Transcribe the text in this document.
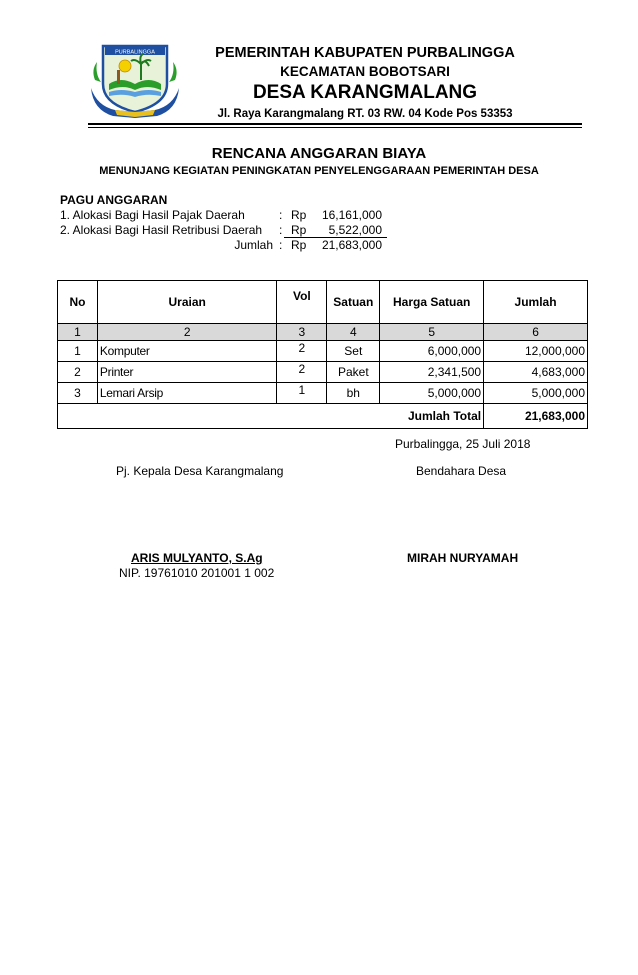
PURBALINGGA	PEMERINTAH KABUPATEN PURBALINGGA
KECAMATAN BOBOTSARI
DESA KARANGMALANG
Jl. Raya Karangmalang RT. 03 RW. 04 Kode Pos 53353
RENCANA ANGGARAN BIAYA
MENUNJANG KEGIATAN PENINGKATAN PENYELENGGARAAN PEMERINTAH DESA
PAGU ANGGARAN
1. Alokasi Bagi Hasil Pajak Daerah	: Rp	16,161,000
2. Alokasi Bagi Hasil Retribusi Daerah : Rp	5,522,000
Jumlah : Rp	21,683,000
No	Uraian	Vol	Satuan	Harga Satuan	Jumlah
1	2	3	4	5	6
1	Komputer	2	Set	6,000,000	12,000,000
2	Printer	2	Paket	2,341,500	4,683,000
3	Lemari Arsip	1	bh	5,000,000	5,000,000
Jumlah Total					21,683,000
Purbalingga, 25 Juli 2018
Pj. Kepala Desa Karangmalang	Bendahara Desa
ARIS MULYANTO, S.Ag
NIP. 19761010 201001 1 002
MIRAH NURYAMAH
